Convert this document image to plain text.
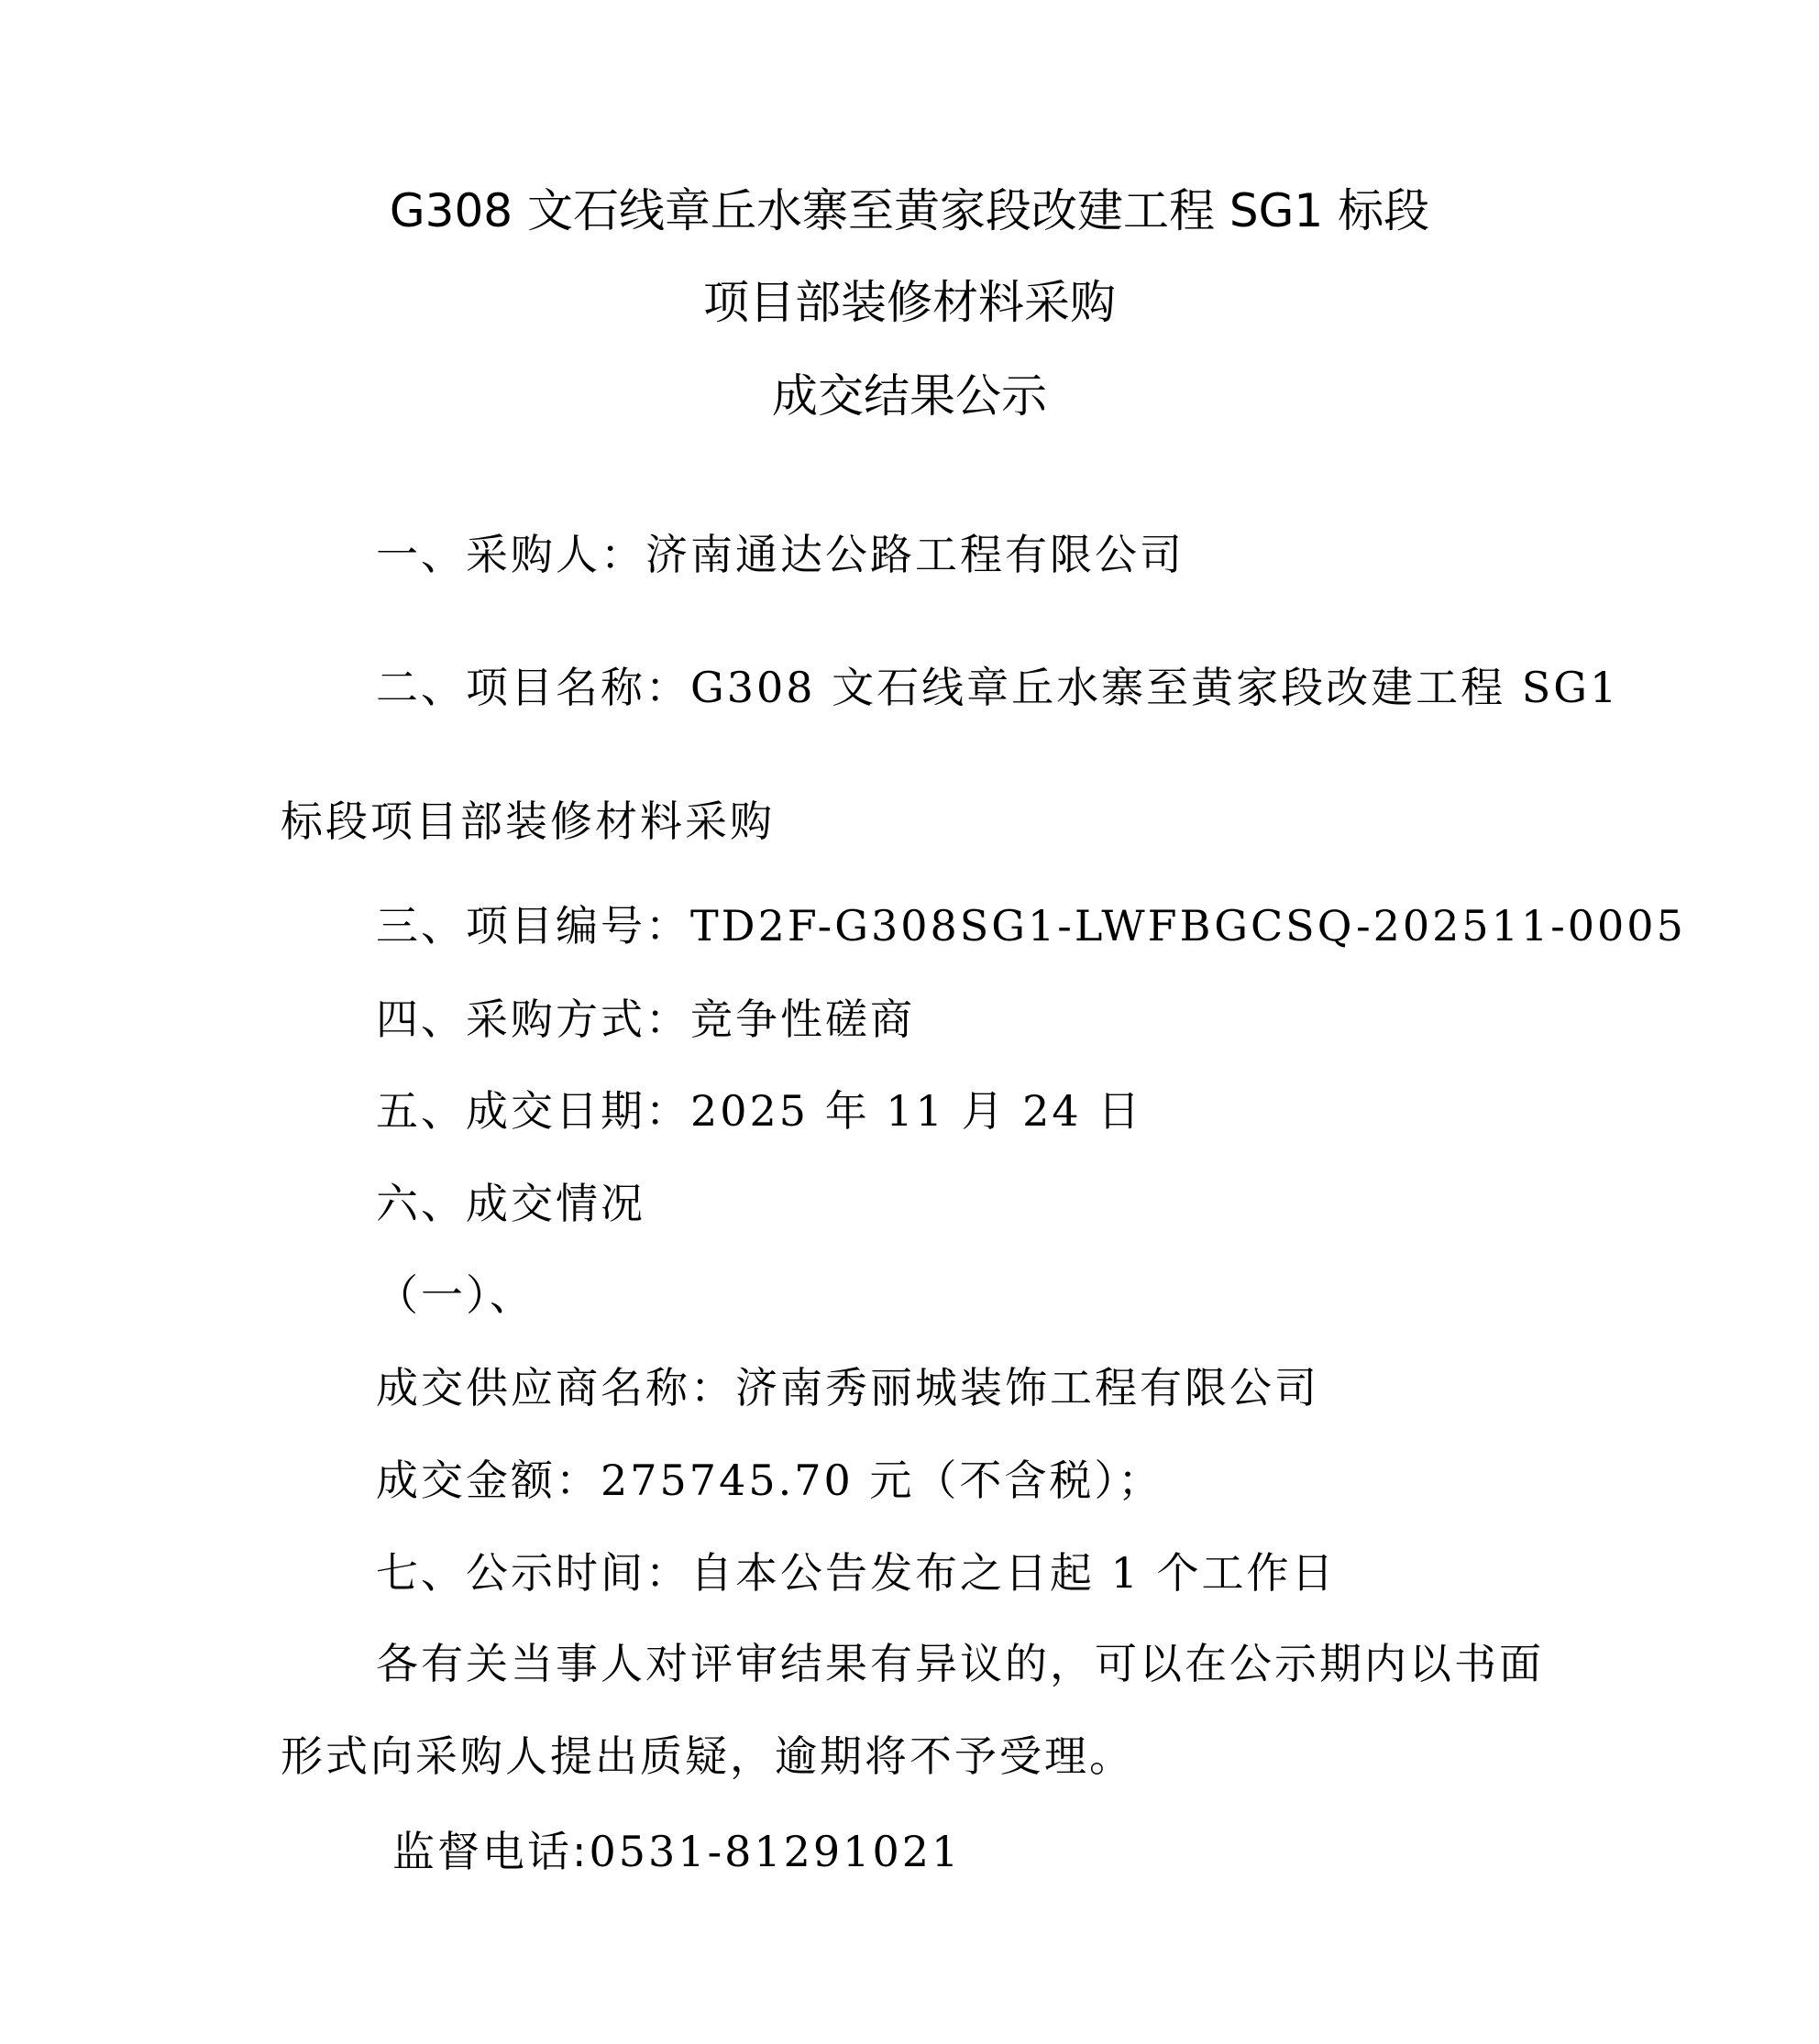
G308 文石线章丘水寨至黄家段改建工程 SG1 标段
项目部装修材料采购
成交结果公示
一、采购人：济南通达公路工程有限公司
二、项目名称：G308 文石线章丘水寨至黄家段改建工程 SG1
标段项目部装修材料采购
三、项目编号：TD2F-G308SG1-LWFBGCSQ-202511-0005
四、采购方式：竞争性磋商
五、成交日期：2025 年 11 月 24 日
六、成交情况
（一）、
成交供应商名称：济南秀丽城装饰工程有限公司
成交金额：275745.70 元（不含税）；
七、公示时间：自本公告发布之日起 1 个工作日
各有关当事人对评审结果有异议的，可以在公示期内以书面
形式向采购人提出质疑，逾期将不予受理。
监督电话:0531-81291021
